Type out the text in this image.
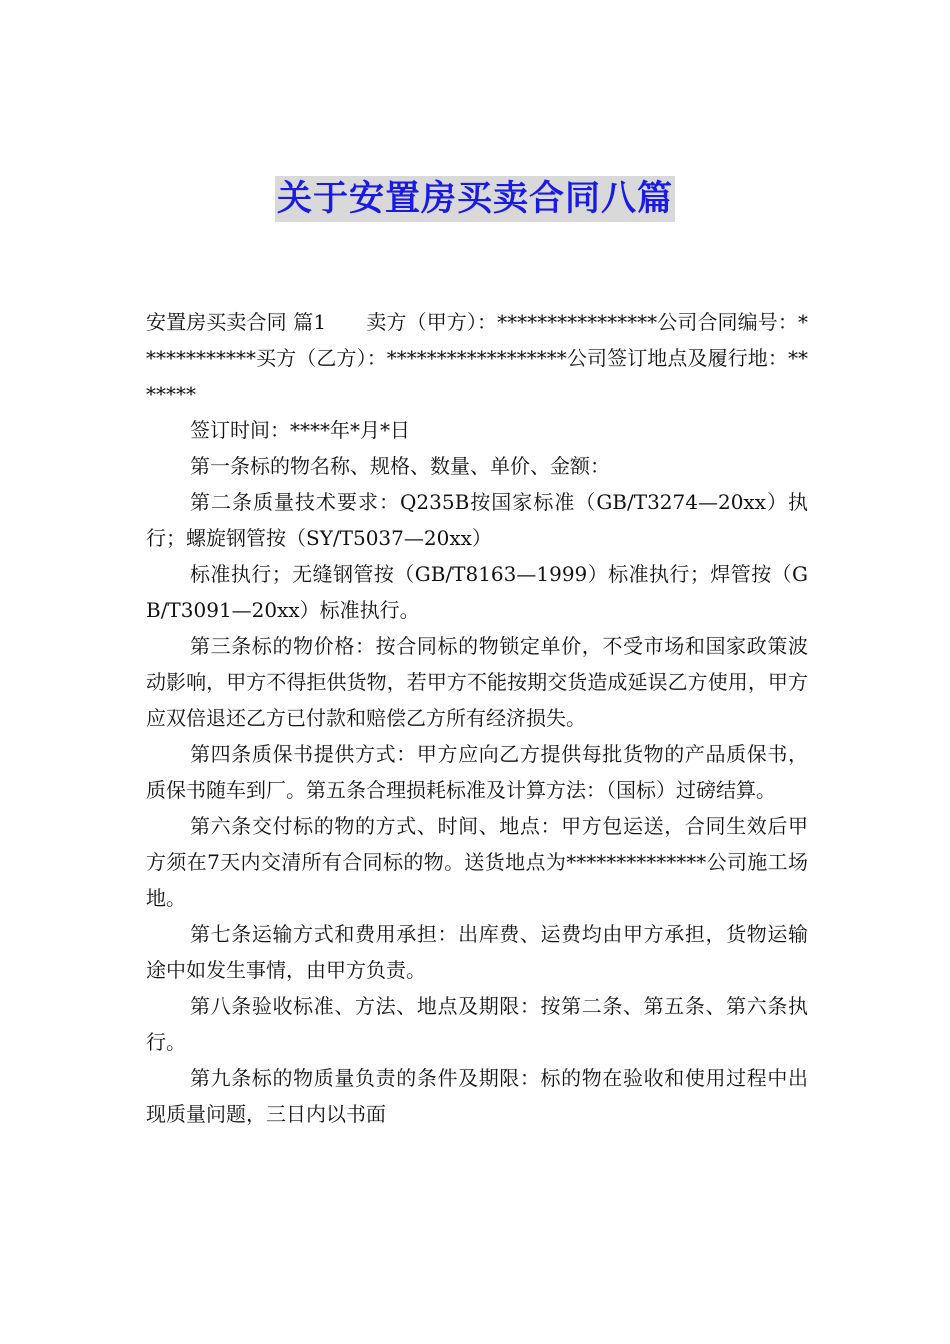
关于安置房买卖合同八篇

安置房买卖合同 篇1　　卖方（甲方）：****************公司合同编号：************买方（乙方）：******************公司签订地点及履行地：*******

签订时间：****年*月*日

第一条标的物名称、规格、数量、单价、金额：

第二条质量技术要求：Q235B按国家标准（GB/T3274—20xx）执行；螺旋钢管按（SY/T5037—20xx）

标准执行；无缝钢管按（GB/T8163—1999）标准执行；焊管按（GB/T3091—20xx）标准执行。

第三条标的物价格：按合同标的物锁定单价，不受市场和国家政策波动影响，甲方不得拒供货物，若甲方不能按期交货造成延误乙方使用，甲方应双倍退还乙方已付款和赔偿乙方所有经济损失。

第四条质保书提供方式：甲方应向乙方提供每批货物的产品质保书，质保书随车到厂。第五条合理损耗标准及计算方法：（国标）过磅结算。

第六条交付标的物的方式、时间、地点：甲方包运送，合同生效后甲方须在7天内交清所有合同标的物。送货地点为**************公司施工场地。

第七条运输方式和费用承担：出库费、运费均由甲方承担，货物运输途中如发生事情，由甲方负责。

第八条验收标准、方法、地点及期限：按第二条、第五条、第六条执行。

第九条标的物质量负责的条件及期限：标的物在验收和使用过程中出现质量问题，三日内以书面
